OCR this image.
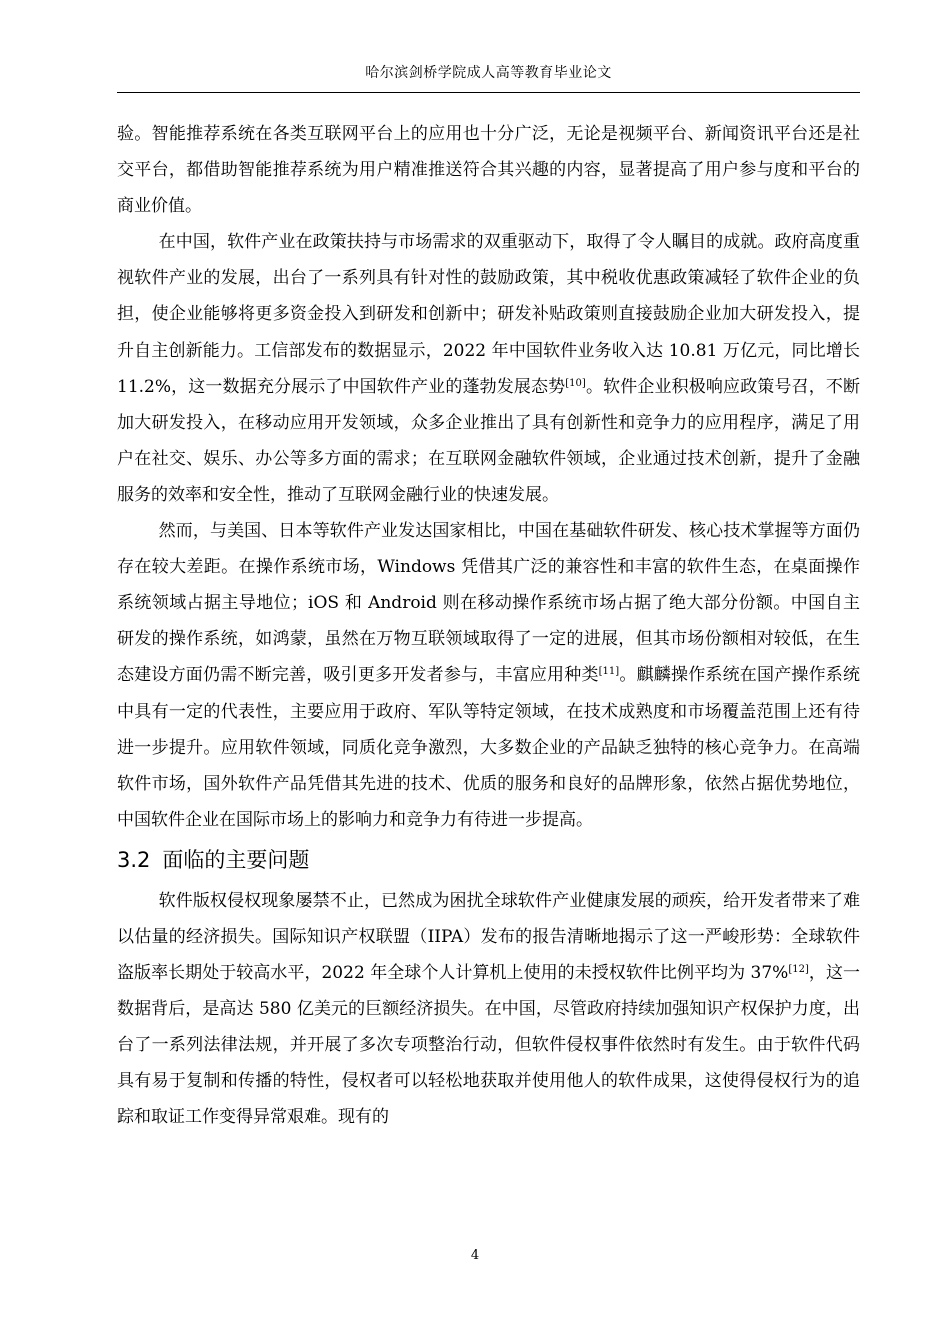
哈尔滨剑桥学院成人高等教育毕业论文

验。智能推荐系统在各类互联网平台上的应用也十分广泛，无论是视频平台、新闻资讯平台还是社交平台，都借助智能推荐系统为用户精准推送符合其兴趣的内容，显著提高了用户参与度和平台的商业价值。

在中国，软件产业在政策扶持与市场需求的双重驱动下，取得了令人瞩目的成就。政府高度重视软件产业的发展，出台了一系列具有针对性的鼓励政策，其中税收优惠政策减轻了软件企业的负担，使企业能够将更多资金投入到研发和创新中；研发补贴政策则直接鼓励企业加大研发投入，提升自主创新能力。工信部发布的数据显示，2022 年中国软件业务收入达 10.81 万亿元，同比增长 11.2%，这一数据充分展示了中国软件产业的蓬勃发展态势[10]。软件企业积极响应政策号召，不断加大研发投入，在移动应用开发领域，众多企业推出了具有创新性和竞争力的应用程序，满足了用户在社交、娱乐、办公等多方面的需求；在互联网金融软件领域，企业通过技术创新，提升了金融服务的效率和安全性，推动了互联网金融行业的快速发展。

然而，与美国、日本等软件产业发达国家相比，中国在基础软件研发、核心技术掌握等方面仍存在较大差距。在操作系统市场，Windows 凭借其广泛的兼容性和丰富的软件生态，在桌面操作系统领域占据主导地位；iOS 和 Android 则在移动操作系统市场占据了绝大部分份额。中国自主研发的操作系统，如鸿蒙，虽然在万物互联领域取得了一定的进展，但其市场份额相对较低，在生态建设方面仍需不断完善，吸引更多开发者参与，丰富应用种类[11]。麒麟操作系统在国产操作系统中具有一定的代表性，主要应用于政府、军队等特定领域，在技术成熟度和市场覆盖范围上还有待进一步提升。应用软件领域，同质化竞争激烈，大多数企业的产品缺乏独特的核心竞争力。在高端软件市场，国外软件产品凭借其先进的技术、优质的服务和良好的品牌形象，依然占据优势地位，中国软件企业在国际市场上的影响力和竞争力有待进一步提高。

3.2 面临的主要问题

软件版权侵权现象屡禁不止，已然成为困扰全球软件产业健康发展的顽疾，给开发者带来了难以估量的经济损失。国际知识产权联盟（IIPA）发布的报告清晰地揭示了这一严峻形势：全球软件盗版率长期处于较高水平，2022 年全球个人计算机上使用的未授权软件比例平均为 37%[12]，这一数据背后，是高达 580 亿美元的巨额经济损失。在中国，尽管政府持续加强知识产权保护力度，出台了一系列法律法规，并开展了多次专项整治行动，但软件侵权事件依然时有发生。由于软件代码具有易于复制和传播的特性，侵权者可以轻松地获取并使用他人的软件成果，这使得侵权行为的追踪和取证工作变得异常艰难。现有的

4
